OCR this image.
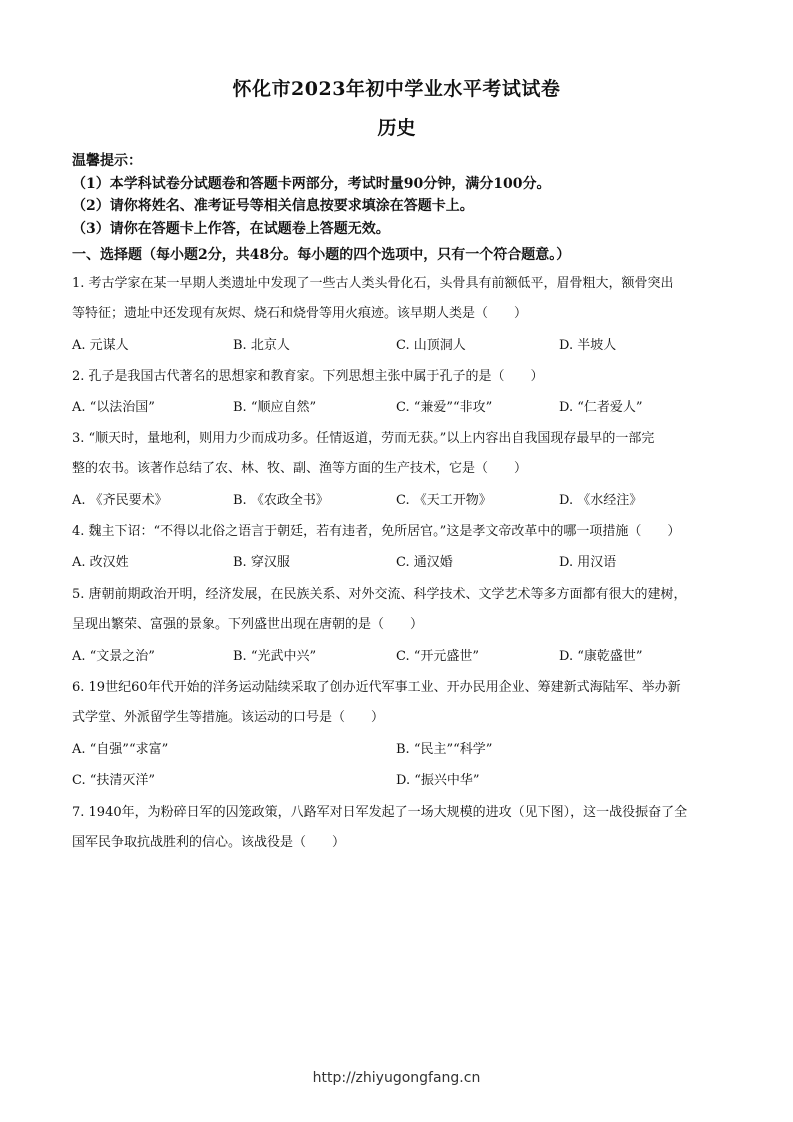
怀化市2023年初中学业水平考试试卷
历史
温馨提示：
（1）本学科试卷分试题卷和答题卡两部分，考试时量90分钟，满分100分。
（2）请你将姓名、准考证号等相关信息按要求填涂在答题卡上。
（3）请你在答题卡上作答，在试题卷上答题无效。
一、选择题（每小题2分，共48分。每小题的四个选项中，只有一个符合题意。）
1. 考古学家在某一早期人类遗址中发现了一些古人类头骨化石，头骨具有前额低平，眉骨粗大，额骨突出
等特征；遗址中还发现有灰烬、烧石和烧骨等用火痕迹。该早期人类是（　　）
A. 元谋人	B. 北京人	C. 山顶洞人	D. 半坡人
2. 孔子是我国古代著名的思想家和教育家。下列思想主张中属于孔子的是（　　）
A. “以法治国”	B. “顺应自然”	C. “兼爱”“非攻”	D. “仁者爱人”
3. “顺天时，量地利，则用力少而成功多。任情返道，劳而无获。”以上内容出自我国现存最早的一部完
整的农书。该著作总结了农、林、牧、副、渔等方面的生产技术，它是（　　）
A. 《齐民要术》	B. 《农政全书》	C. 《天工开物》	D. 《水经注》
4. 魏主下诏：“不得以北俗之语言于朝廷，若有违者，免所居官。”这是孝文帝改革中的哪一项措施（　　）
A. 改汉姓	B. 穿汉服	C. 通汉婚	D. 用汉语
5. 唐朝前期政治开明，经济发展，在民族关系、对外交流、科学技术、文学艺术等多方面都有很大的建树，
呈现出繁荣、富强的景象。下列盛世出现在唐朝的是（　　）
A. “文景之治”	B. “光武中兴”	C. “开元盛世”	D. “康乾盛世”
6. 19世纪60年代开始的洋务运动陆续采取了创办近代军事工业、开办民用企业、筹建新式海陆军、举办新
式学堂、外派留学生等措施。该运动的口号是（　　）
A. “自强”“求富”	B. “民主”“科学”
C. “扶清灭洋”	D. “振兴中华”
7. 1940年，为粉碎日军的囚笼政策，八路军对日军发起了一场大规模的进攻（见下图），这一战役振奋了全
国军民争取抗战胜利的信心。该战役是（　　）
http://zhiyugongfang.cn
